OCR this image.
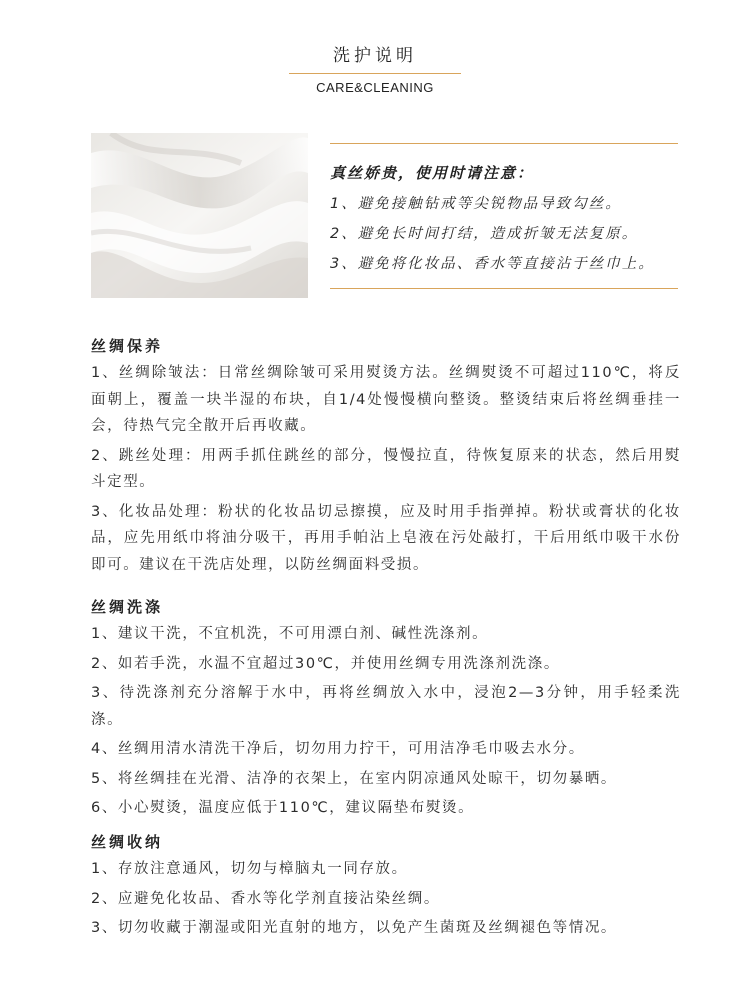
洗护说明
CARE&CLEANING
真丝娇贵，使用时请注意：
1、避免接触钻戒等尖锐物品导致勾丝。
2、避免长时间打结，造成折皱无法复原。
3、避免将化妆品、香水等直接沾于丝巾上。
丝绸保养
1、丝绸除皱法：日常丝绸除皱可采用熨烫方法。丝绸熨烫不可超过110℃，将反面朝上，覆盖一块半湿的布块，自1/4处慢慢横向整烫。整烫结束后将丝绸垂挂一会，待热气完全散开后再收藏。
2、跳丝处理：用两手抓住跳丝的部分，慢慢拉直，待恢复原来的状态，然后用熨斗定型。
3、化妆品处理：粉状的化妆品切忌擦摸，应及时用手指弹掉。粉状或膏状的化妆品，应先用纸巾将油分吸干，再用手帕沾上皂液在污处敲打，干后用纸巾吸干水份即可。建议在干洗店处理，以防丝绸面料受损。
丝绸洗涤
1、建议干洗，不宜机洗，不可用漂白剂、碱性洗涤剂。
2、如若手洗，水温不宜超过30℃，并使用丝绸专用洗涤剂洗涤。
3、待洗涤剂充分溶解于水中，再将丝绸放入水中，浸泡2—3分钟，用手轻柔洗涤。
4、丝绸用清水清洗干净后，切勿用力拧干，可用洁净毛巾吸去水分。
5、将丝绸挂在光滑、洁净的衣架上，在室内阴凉通风处晾干，切勿暴晒。
6、小心熨烫，温度应低于110℃，建议隔垫布熨烫。
丝绸收纳
1、存放注意通风，切勿与樟脑丸一同存放。
2、应避免化妆品、香水等化学剂直接沾染丝绸。
3、切勿收藏于潮湿或阳光直射的地方，以免产生菌斑及丝绸褪色等情况。
